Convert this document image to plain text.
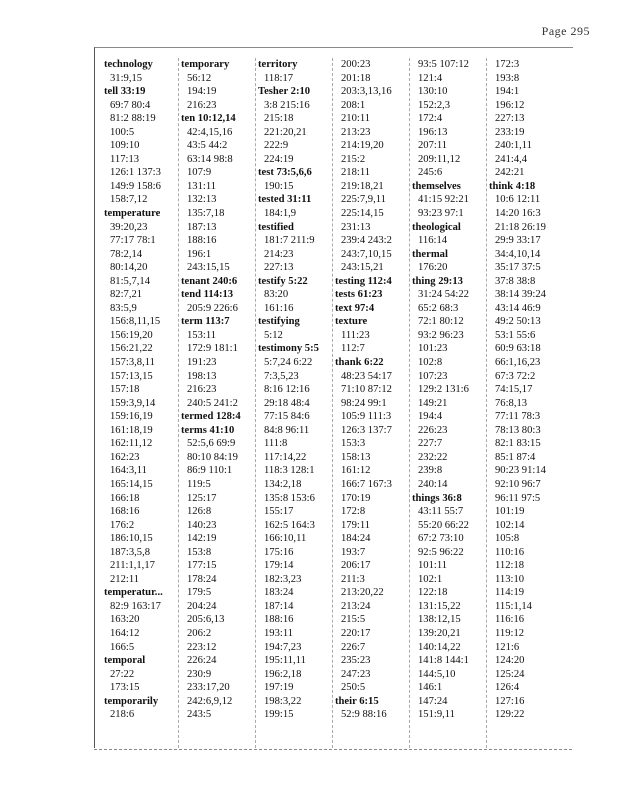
Page 295
technology
31:9,15
tell 33:19
69:7 80:4
81:2 88:19
100:5
109:10
117:13
126:1 137:3
149:9 158:6
158:7,12
temperature
39:20,23
77:17 78:1
78:2,14
80:14,20
81:5,7,14
82:7,21
83:5,9
156:8,11,15
156:19,20
156:21,22
157:3,8,11
157:13,15
157:18
159:3,9,14
159:16,19
161:18,19
162:11,12
162:23
164:3,11
165:14,15
166:18
168:16
176:2
186:10,15
187:3,5,8
211:1,1,17
212:11
temperatur...
82:9 163:17
163:20
164:12
166:5
temporal
27:22
173:15
temporarily
218:6
temporary
56:12
194:19
216:23
ten 10:12,14
42:4,15,16
43:5 44:2
63:14 98:8
107:9
131:11
132:13
135:7,18
187:13
188:16
196:1
243:15,15
tenant 240:6
tend 114:13
205:9 226:6
term 113:7
153:11
172:9 181:1
191:23
198:13
216:23
240:5 241:2
termed 128:4
terms 41:10
52:5,6 69:9
80:10 84:19
86:9 110:1
119:5
125:17
126:8
140:23
142:19
153:8
177:15
178:24
179:5
204:24
205:6,13
206:2
223:12
226:24
230:9
233:17,20
242:6,9,12
243:5
territory
118:17
Tesher 2:10
3:8 215:16
215:18
221:20,21
222:9
224:19
test 73:5,6,6
190:15
tested 31:11
184:1,9
testified
181:7 211:9
214:23
227:13
testify 5:22
83:20
161:16
testifying
5:12
testimony 5:5
5:7,24 6:22
7:3,5,23
8:16 12:16
29:18 48:4
77:15 84:6
84:8 96:11
111:8
117:14,22
118:3 128:1
134:2,18
135:8 153:6
155:17
162:5 164:3
166:10,11
175:16
179:14
182:3,23
183:24
187:14
188:16
193:11
194:7,23
195:11,11
196:2,18
197:19
198:3,22
199:15
200:23
201:18
203:3,13,16
208:1
210:11
213:23
214:19,20
215:2
218:11
219:18,21
225:7,9,11
225:14,15
231:13
239:4 243:2
243:7,10,15
243:15,21
testing 112:4
tests 61:23
text 97:4
texture
111:23
112:7
thank 6:22
48:23 54:17
71:10 87:12
98:24 99:1
105:9 111:3
126:3 137:7
153:3
158:13
161:12
166:7 167:3
170:19
172:8
179:11
184:24
193:7
206:17
211:3
213:20,22
213:24
215:5
220:17
226:7
235:23
247:23
250:5
their 6:15
52:9 88:16
93:5 107:12
121:4
130:10
152:2,3
172:4
196:13
207:11
209:11,12
245:6
themselves
41:15 92:21
93:23 97:1
theological
116:14
thermal
176:20
thing 29:13
31:24 54:22
65:2 68:3
72:1 80:12
93:2 96:23
101:23
102:8
107:23
129:2 131:6
149:21
194:4
226:23
227:7
232:22
239:8
240:14
things 36:8
43:11 55:7
55:20 66:22
67:2 73:10
92:5 96:22
101:11
102:1
122:18
131:15,22
138:12,15
139:20,21
140:14,22
141:8 144:1
144:5,10
146:1
147:24
151:9,11
172:3
193:8
194:1
196:12
227:13
233:19
240:1,11
241:4,4
242:21
think 4:18
10:6 12:11
14:20 16:3
21:18 26:19
29:9 33:17
34:4,10,14
35:17 37:5
37:8 38:8
38:14 39:24
43:14 46:9
49:2 50:13
53:1 55:6
60:9 63:18
66:1,16,23
67:3 72:2
74:15,17
76:8,13
77:11 78:3
78:13 80:3
82:1 83:15
85:1 87:4
90:23 91:14
92:10 96:7
96:11 97:5
101:19
102:14
105:8
110:16
112:18
113:10
114:19
115:1,14
116:16
119:12
121:6
124:20
125:24
126:4
127:16
129:22
